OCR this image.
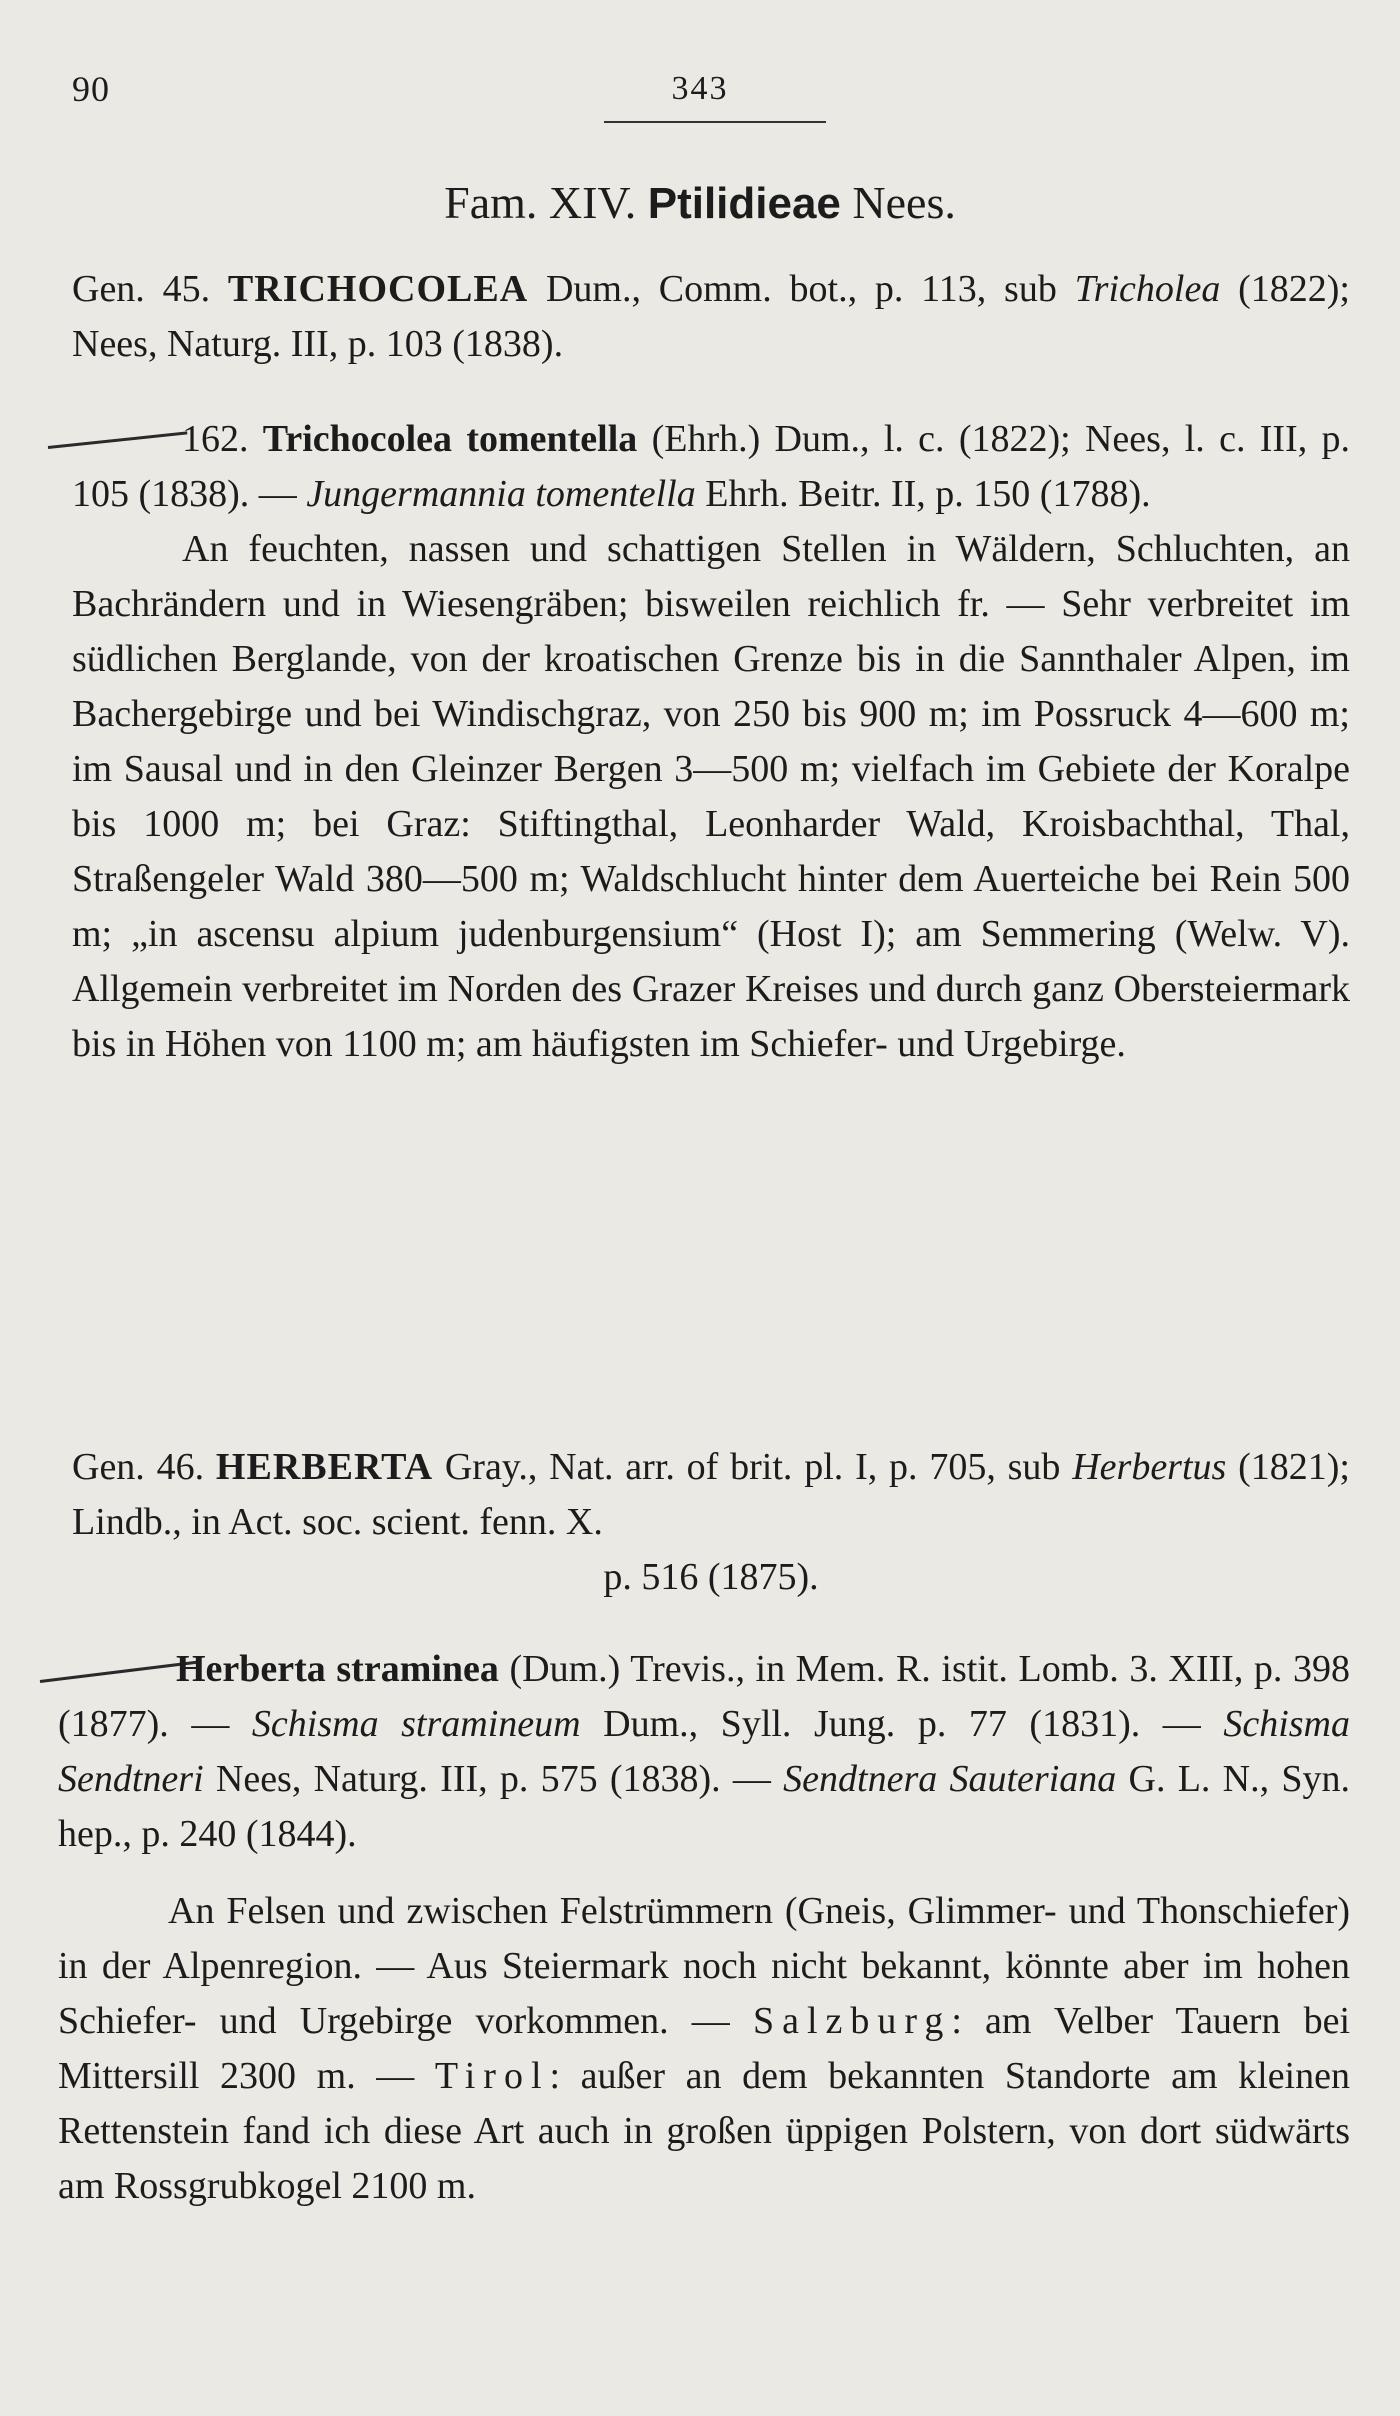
90	343
Fam. XIV. Ptilidieae Nees.

Gen. 45. TRICHOCOLEA Dum., Comm. bot., p. 113, sub Tricholea (1822); Nees, Naturg. III, p. 103 (1838).

162. Trichocolea tomentella (Ehrh.) Dum., l. c. (1822); Nees, l. c. III, p. 105 (1838). — Jungermannia tomentella Ehrh. Beitr. II, p. 150 (1788).

An feuchten, nassen und schattigen Stellen in Wäldern, Schluchten, an Bachrändern und in Wiesengräben; bisweilen reichlich fr. — Sehr verbreitet im südlichen Berglande, von der kroatischen Grenze bis in die Sannthaler Alpen, im Bachergebirge und bei Windischgraz, von 250 bis 900 m; im Possruck 4—600 m; im Sausal und in den Gleinzer Bergen 3—500 m; vielfach im Gebiete der Koralpe bis 1000 m; bei Graz: Stiftingthal, Leonharder Wald, Kroisbachthal, Thal, Straßengeler Wald 380—500 m; Waldschlucht hinter dem Auerteiche bei Rein 500 m; „in ascensu alpium judenburgensium“ (Host I); am Semmering (Welw. V). Allgemein verbreitet im Norden des Grazer Kreises und durch ganz Obersteiermark bis in Höhen von 1100 m; am häufigsten im Schiefer- und Urgebirge.

Gen. 46. HERBERTA Gray., Nat. arr. of brit. pl. I, p. 705, sub Herbertus (1821); Lindb., in Act. soc. scient. fenn. X.

p. 516 (1875).

Herberta straminea (Dum.) Trevis., in Mem. R. istit. Lomb. 3. XIII, p. 398 (1877). — Schisma stramineum Dum., Syll. Jung. p. 77 (1831). — Schisma Sendtneri Nees, Naturg. III, p. 575 (1838). — Sendtnera Sauteriana G. L. N., Syn. hep., p. 240 (1844).

An Felsen und zwischen Felstrümmern (Gneis, Glimmer- und Thonschiefer) in der Alpenregion. — Aus Steiermark noch nicht bekannt, könnte aber im hohen Schiefer- und Urgebirge vorkommen. — Salzburg: am Velber Tauern bei Mittersill 2300 m. — Tirol: außer an dem bekannten Standorte am kleinen Rettenstein fand ich diese Art auch in großen üppigen Polstern, von dort südwärts am Rossgrubkogel 2100 m.
